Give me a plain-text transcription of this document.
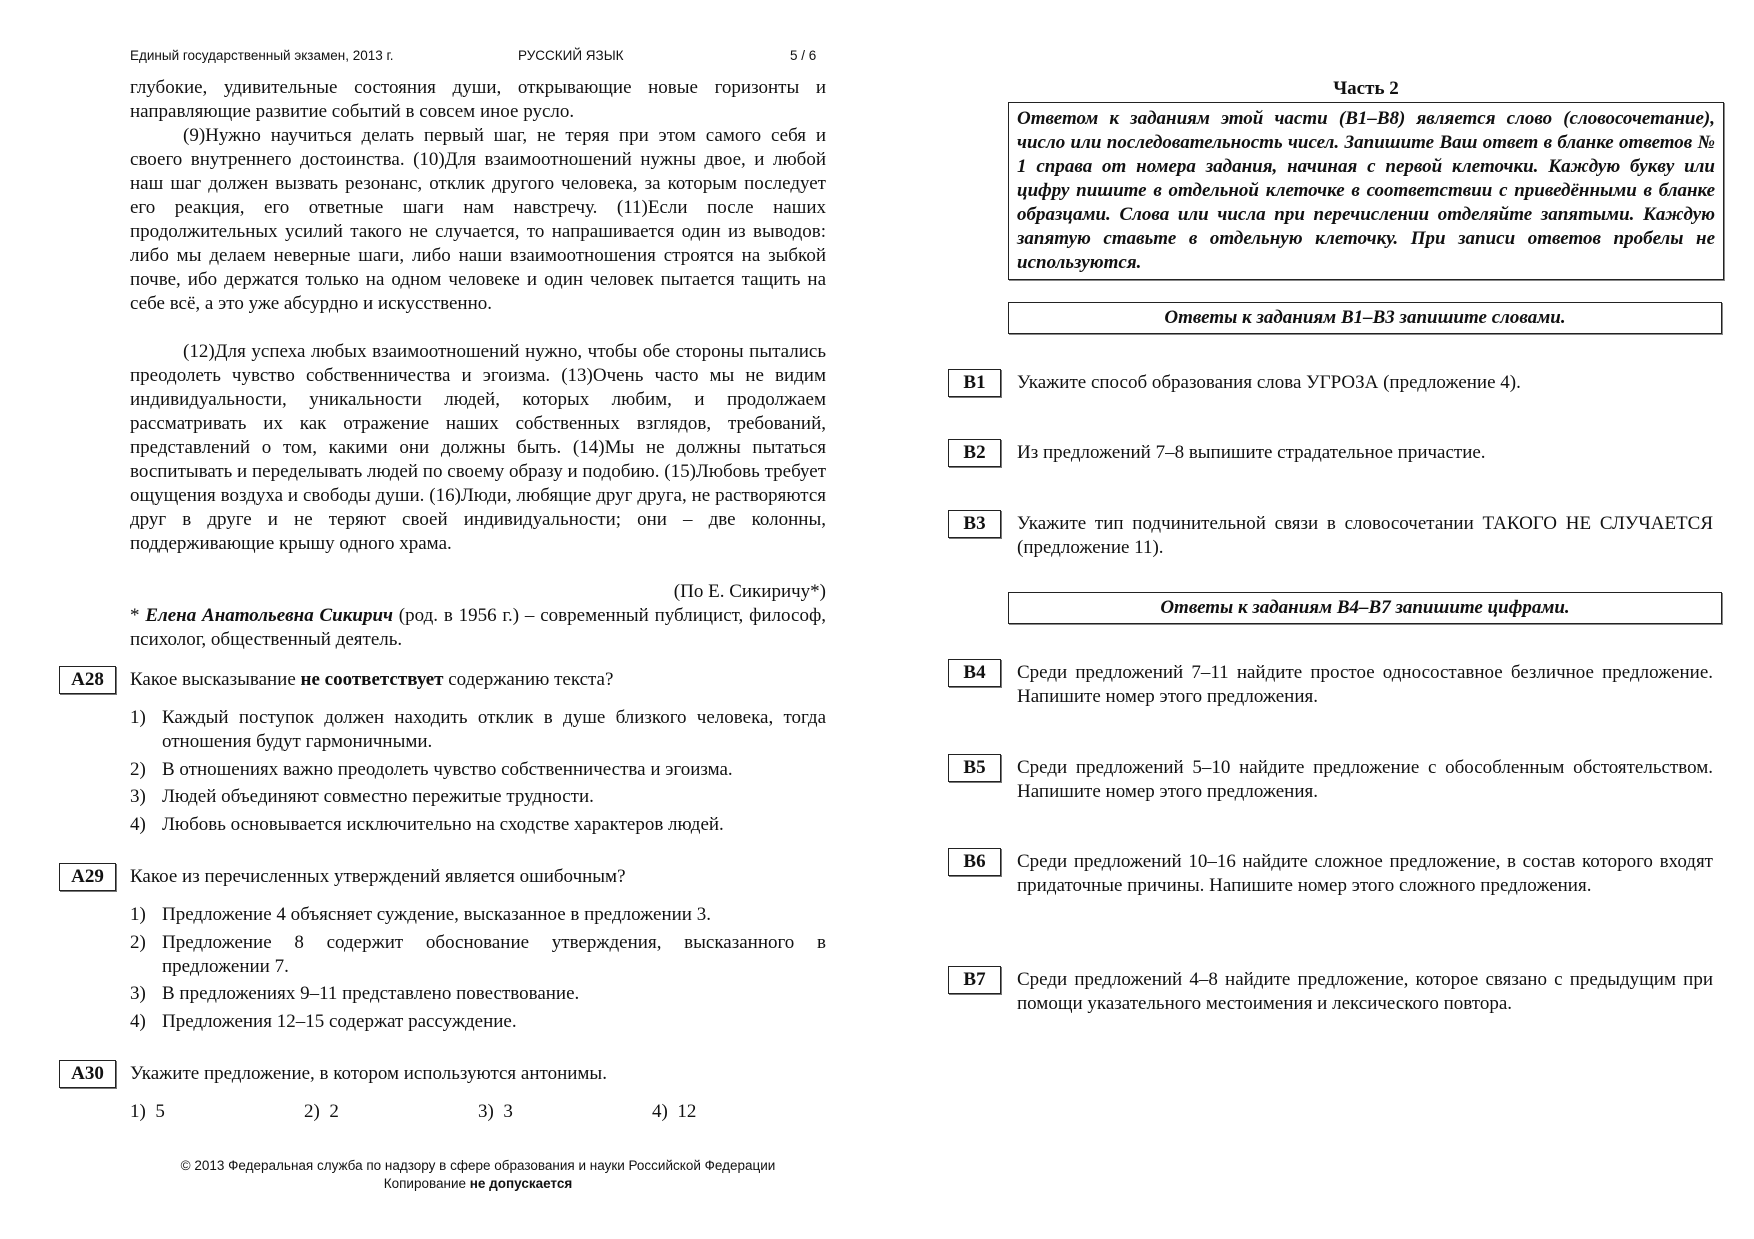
Единый государственный экзамен, 2013 г.	РУССКИЙ ЯЗЫК	5 / 6
глубокие, удивительные состояния души, открывающие новые горизонты и направляющие развитие событий в совсем иное русло.
(9)Нужно научиться делать первый шаг, не теряя при этом самого себя и своего внутреннего достоинства. (10)Для взаимоотношений нужны двое, и любой наш шаг должен вызвать резонанс, отклик другого человека, за которым последует его реакция, его ответные шаги нам навстречу. (11)Если после наших продолжительных усилий такого не случается, то напрашивается один из выводов: либо мы делаем неверные шаги, либо наши взаимоотношения строятся на зыбкой почве, ибо держатся только на одном человеке и один человек пытается тащить на себе всё, а это уже абсурдно и искусственно.
(12)Для успеха любых взаимоотношений нужно, чтобы обе стороны пытались преодолеть чувство собственничества и эгоизма. (13)Очень часто мы не видим индивидуальности, уникальности людей, которых любим, и продолжаем рассматривать их как отражение наших собственных взглядов, требований, представлений о том, какими они должны быть. (14)Мы не должны пытаться воспитывать и переделывать людей по своему образу и подобию. (15)Любовь требует ощущения воздуха и свободы души. (16)Люди, любящие друг друга, не растворяются друг в друге и не теряют своей индивидуальности; они – две колонны, поддерживающие крышу одного храма.
(По Е. Сикиричу*)
* Елена Анатольевна Сикирич (род. в 1956 г.) – современный публицист, философ, психолог, общественный деятель.
A28	Какое высказывание не соответствует содержанию текста?
1) Каждый поступок должен находить отклик в душе близкого человека, тогда отношения будут гармоничными.
2) В отношениях важно преодолеть чувство собственничества и эгоизма.
3) Людей объединяют совместно пережитые трудности.
4) Любовь основывается исключительно на сходстве характеров людей.
A29	Какое из перечисленных утверждений является ошибочным?
1) Предложение 4 объясняет суждение, высказанное в предложении 3.
2) Предложение 8 содержит обоснование утверждения, высказанного в предложении 7.
3) В предложениях 9–11 представлено повествование.
4) Предложения 12–15 содержат рассуждение.
A30	Укажите предложение, в котором используются антонимы.
1) 5	2) 2	3) 3	4) 12
© 2013 Федеральная служба по надзору в сфере образования и науки Российской Федерации
Копирование не допускается
Часть 2
Ответом к заданиям этой части (В1–В8) является слово (словосочетание), число или последовательность чисел. Запишите Ваш ответ в бланке ответов № 1 справа от номера задания, начиная с первой клеточки. Каждую букву или цифру пишите в отдельной клеточке в соответствии с приведёнными в бланке образцами. Слова или числа при перечислении отделяйте запятыми. Каждую запятую ставьте в отдельную клеточку. При записи ответов пробелы не используются.
Ответы к заданиям В1–В3 запишите словами.
B1	Укажите способ образования слова УГРОЗА (предложение 4).
B2	Из предложений 7–8 выпишите страдательное причастие.
B3	Укажите тип подчинительной связи в словосочетании ТАКОГО НЕ СЛУЧАЕТСЯ (предложение 11).
Ответы к заданиям В4–В7 запишите цифрами.
B4	Среди предложений 7–11 найдите простое односоставное безличное предложение. Напишите номер этого предложения.
B5	Среди предложений 5–10 найдите предложение с обособленным обстоятельством. Напишите номер этого предложения.
B6	Среди предложений 10–16 найдите сложное предложение, в состав которого входят придаточные причины. Напишите номер этого сложного предложения.
B7	Среди предложений 4–8 найдите предложение, которое связано с предыдущим при помощи указательного местоимения и лексического повтора.
